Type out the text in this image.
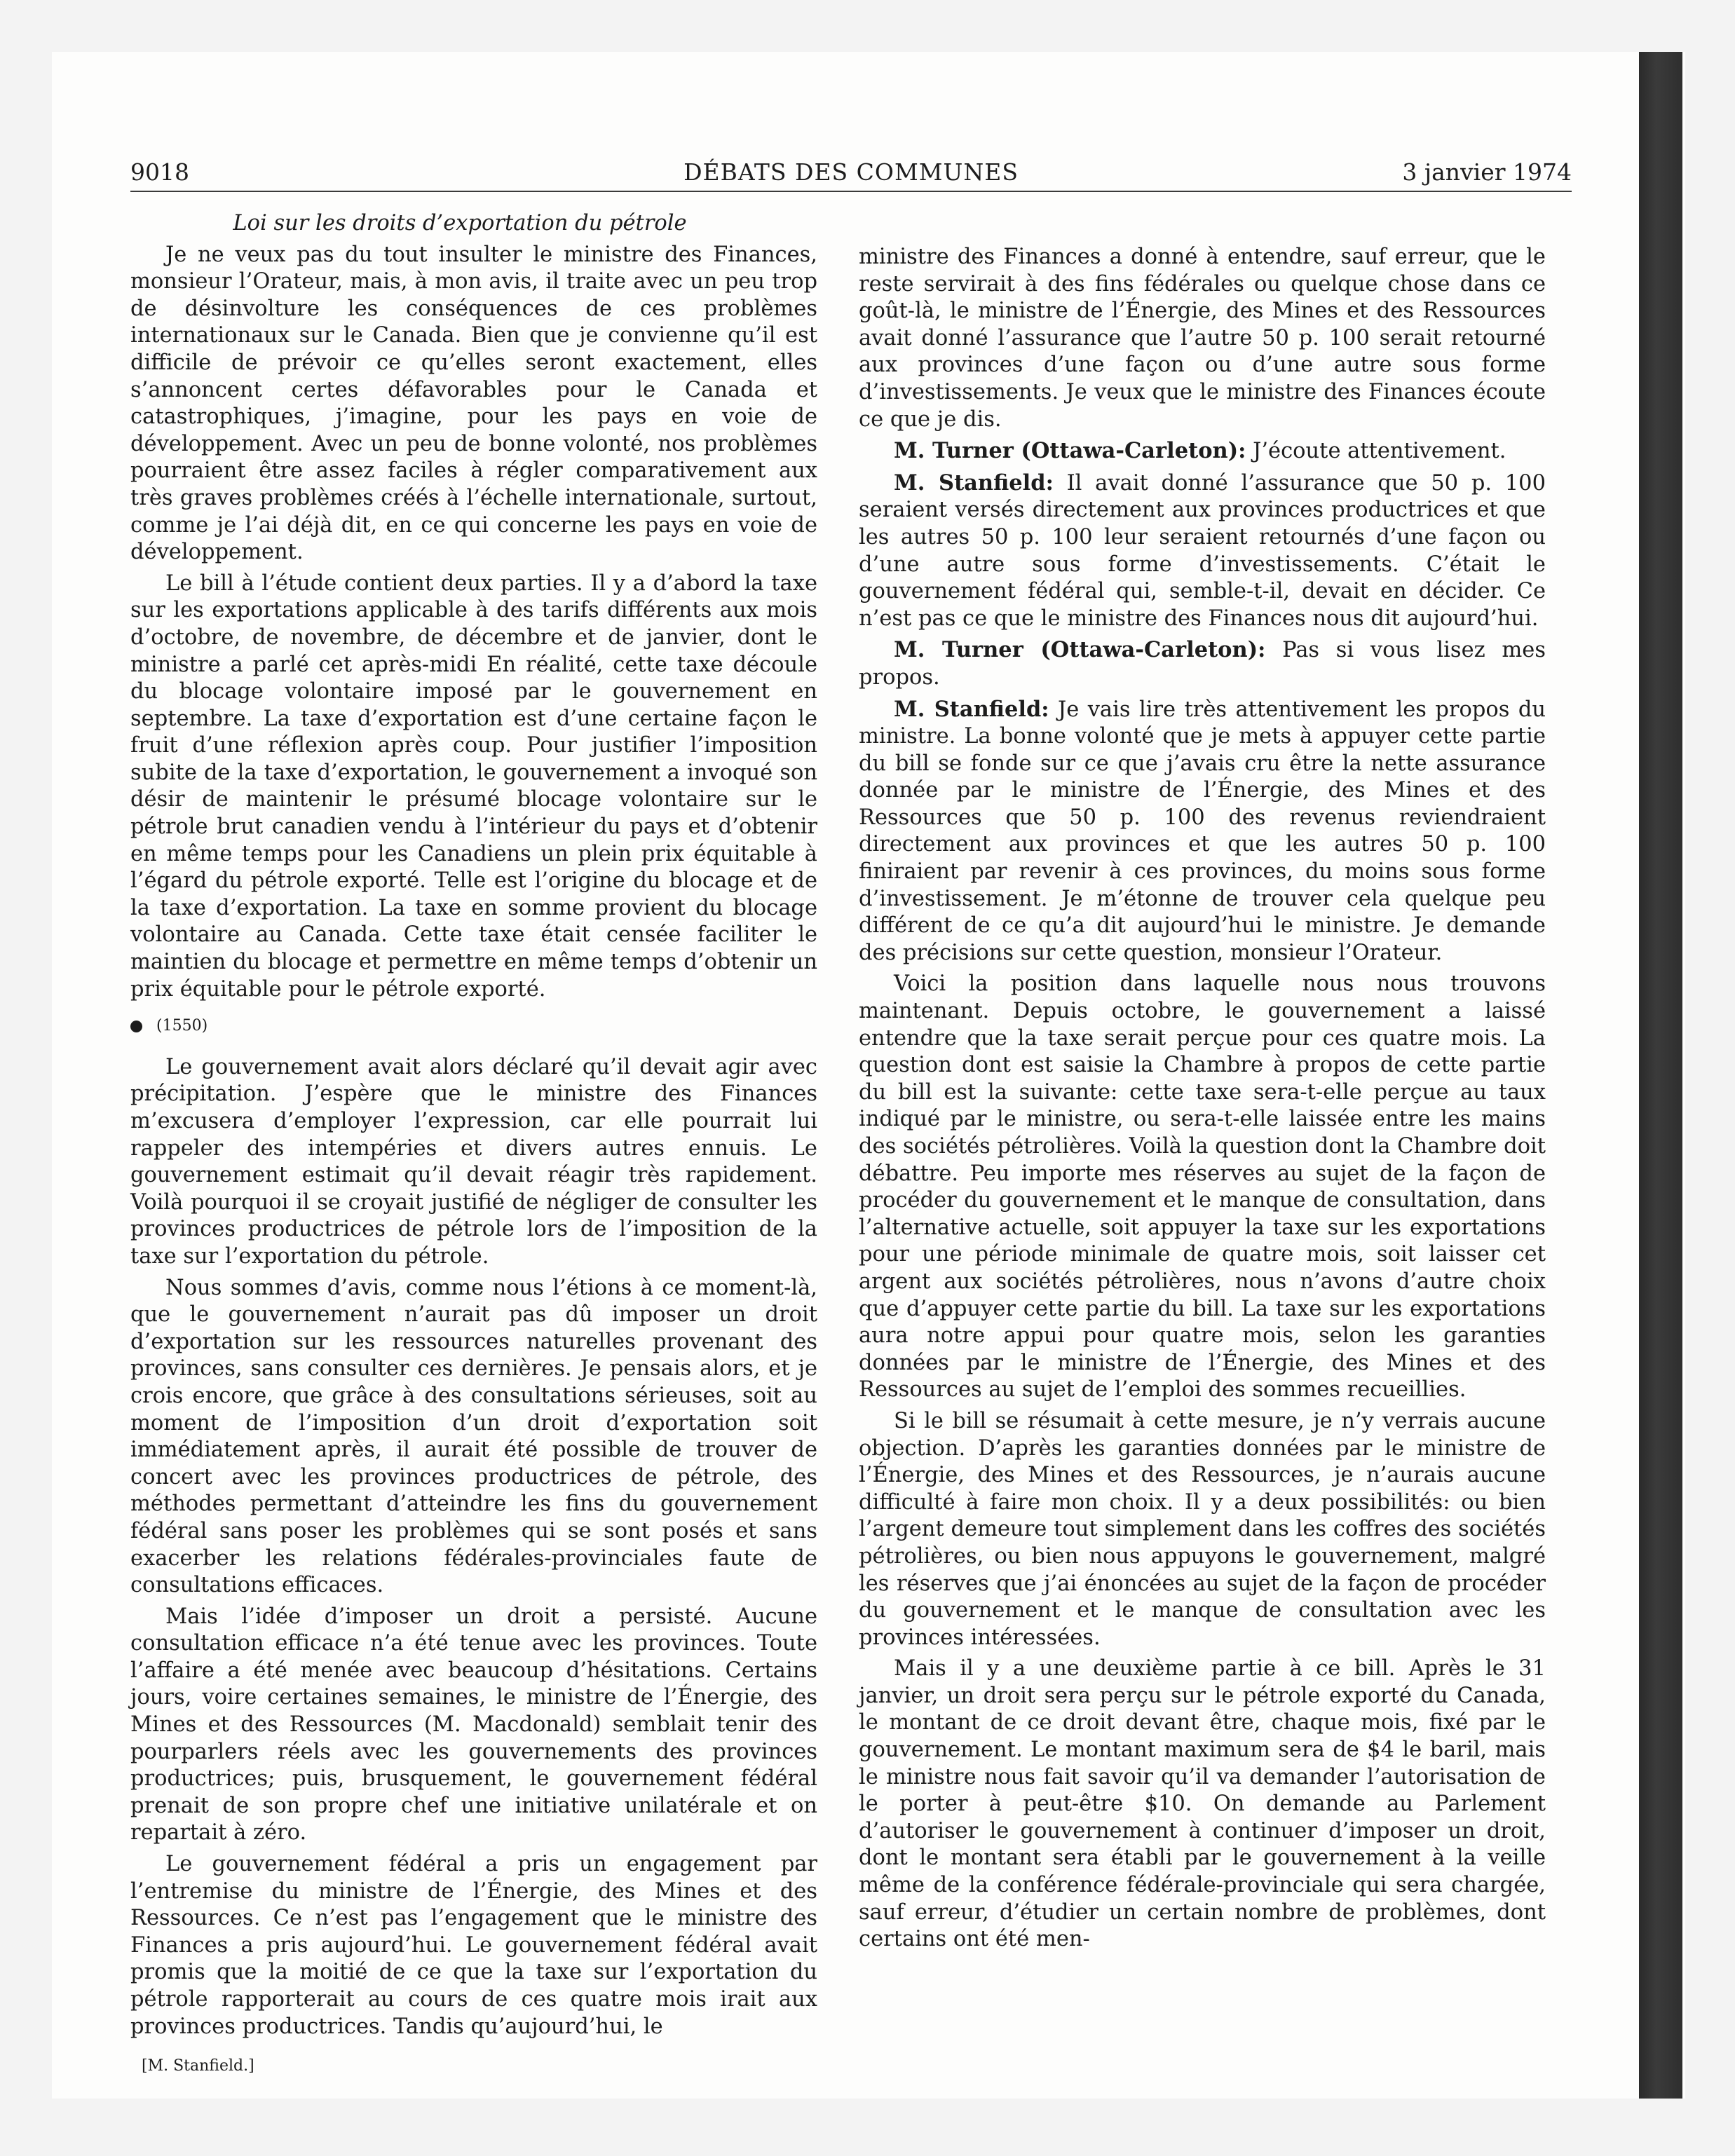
9018	DÉBATS DES COMMUNES	3 janvier 1974
Loi sur les droits d’exportation du pétrole

Je ne veux pas du tout insulter le ministre des Finances, monsieur l’Orateur, mais, à mon avis, il traite avec un peu trop de désinvolture les conséquences de ces problèmes internationaux sur le Canada. Bien que je convienne qu’il est difficile de prévoir ce qu’elles seront exactement, elles s’annoncent certes défavorables pour le Canada et catastrophiques, j’imagine, pour les pays en voie de développement. Avec un peu de bonne volonté, nos problèmes pourraient être assez faciles à régler comparativement aux très graves problèmes créés à l’échelle internationale, surtout, comme je l’ai déjà dit, en ce qui concerne les pays en voie de développement.

Le bill à l’étude contient deux parties. Il y a d’abord la taxe sur les exportations applicable à des tarifs différents aux mois d’octobre, de novembre, de décembre et de janvier, dont le ministre a parlé cet après-midi En réalité, cette taxe découle du blocage volontaire imposé par le gouvernement en septembre. La taxe d’exportation est d’une certaine façon le fruit d’une réflexion après coup. Pour justifier l’imposition subite de la taxe d’exportation, le gouvernement a invoqué son désir de maintenir le présumé blocage volontaire sur le pétrole brut canadien vendu à l’intérieur du pays et d’obtenir en même temps pour les Canadiens un plein prix équitable à l’égard du pétrole exporté. Telle est l’origine du blocage et de la taxe d’exportation. La taxe en somme provient du blocage volontaire au Canada. Cette taxe était censée faciliter le maintien du blocage et permettre en même temps d’obtenir un prix équitable pour le pétrole exporté.

(1550)

Le gouvernement avait alors déclaré qu’il devait agir avec précipitation. J’espère que le ministre des Finances m’excusera d’employer l’expression, car elle pourrait lui rappeler des intempéries et divers autres ennuis. Le gouvernement estimait qu’il devait réagir très rapidement. Voilà pourquoi il se croyait justifié de négliger de consulter les provinces productrices de pétrole lors de l’imposition de la taxe sur l’exportation du pétrole.

Nous sommes d’avis, comme nous l’étions à ce moment-là, que le gouvernement n’aurait pas dû imposer un droit d’exportation sur les ressources naturelles provenant des provinces, sans consulter ces dernières. Je pensais alors, et je crois encore, que grâce à des consultations sérieuses, soit au moment de l’imposition d’un droit d’exportation soit immédiatement après, il aurait été possible de trouver de concert avec les provinces productrices de pétrole, des méthodes permettant d’atteindre les fins du gouvernement fédéral sans poser les problèmes qui se sont posés et sans exacerber les relations fédérales-provinciales faute de consultations efficaces.

Mais l’idée d’imposer un droit a persisté. Aucune consultation efficace n’a été tenue avec les provinces. Toute l’affaire a été menée avec beaucoup d’hésitations. Certains jours, voire certaines semaines, le ministre de l’Énergie, des Mines et des Ressources (M. Macdonald) semblait tenir des pourparlers réels avec les gouvernements des provinces productrices; puis, brusquement, le gouvernement fédéral prenait de son propre chef une initiative unilatérale et on repartait à zéro.

Le gouvernement fédéral a pris un engagement par l’entremise du ministre de l’Énergie, des Mines et des Ressources. Ce n’est pas l’engagement que le ministre des Finances a pris aujourd’hui. Le gouvernement fédéral avait promis que la moitié de ce que la taxe sur l’exportation du pétrole rapporterait au cours de ces quatre mois irait aux provinces productrices. Tandis qu’aujourd’hui, le

[M. Stanfield.]

ministre des Finances a donné à entendre, sauf erreur, que le reste servirait à des fins fédérales ou quelque chose dans ce goût-là, le ministre de l’Énergie, des Mines et des Ressources avait donné l’assurance que l’autre 50 p. 100 serait retourné aux provinces d’une façon ou d’une autre sous forme d’investissements. Je veux que le ministre des Finances écoute ce que je dis.

M. Turner (Ottawa-Carleton): J’écoute attentivement.

M. Stanfield: Il avait donné l’assurance que 50 p. 100 seraient versés directement aux provinces productrices et que les autres 50 p. 100 leur seraient retournés d’une façon ou d’une autre sous forme d’investissements. C’était le gouvernement fédéral qui, semble-t-il, devait en décider. Ce n’est pas ce que le ministre des Finances nous dit aujourd’hui.

M. Turner (Ottawa-Carleton): Pas si vous lisez mes propos.

M. Stanfield: Je vais lire très attentivement les propos du ministre. La bonne volonté que je mets à appuyer cette partie du bill se fonde sur ce que j’avais cru être la nette assurance donnée par le ministre de l’Énergie, des Mines et des Ressources que 50 p. 100 des revenus reviendraient directement aux provinces et que les autres 50 p. 100 finiraient par revenir à ces provinces, du moins sous forme d’investissement. Je m’étonne de trouver cela quelque peu différent de ce qu’a dit aujourd’hui le ministre. Je demande des précisions sur cette question, monsieur l’Orateur.

Voici la position dans laquelle nous nous trouvons maintenant. Depuis octobre, le gouvernement a laissé entendre que la taxe serait perçue pour ces quatre mois. La question dont est saisie la Chambre à propos de cette partie du bill est la suivante: cette taxe sera-t-elle perçue au taux indiqué par le ministre, ou sera-t-elle laissée entre les mains des sociétés pétrolières. Voilà la question dont la Chambre doit débattre. Peu importe mes réserves au sujet de la façon de procéder du gouvernement et le manque de consultation, dans l’alternative actuelle, soit appuyer la taxe sur les exportations pour une période minimale de quatre mois, soit laisser cet argent aux sociétés pétrolières, nous n’avons d’autre choix que d’appuyer cette partie du bill. La taxe sur les exportations aura notre appui pour quatre mois, selon les garanties données par le ministre de l’Énergie, des Mines et des Ressources au sujet de l’emploi des sommes recueillies.

Si le bill se résumait à cette mesure, je n’y verrais aucune objection. D’après les garanties données par le ministre de l’Énergie, des Mines et des Ressources, je n’aurais aucune difficulté à faire mon choix. Il y a deux possibilités: ou bien l’argent demeure tout simplement dans les coffres des sociétés pétrolières, ou bien nous appuyons le gouvernement, malgré les réserves que j’ai énoncées au sujet de la façon de procéder du gouvernement et le manque de consultation avec les provinces intéressées.

Mais il y a une deuxième partie à ce bill. Après le 31 janvier, un droit sera perçu sur le pétrole exporté du Canada, le montant de ce droit devant être, chaque mois, fixé par le gouvernement. Le montant maximum sera de $4 le baril, mais le ministre nous fait savoir qu’il va demander l’autorisation de le porter à peut-être $10. On demande au Parlement d’autoriser le gouvernement à continuer d’imposer un droit, dont le montant sera établi par le gouvernement à la veille même de la conférence fédérale-provinciale qui sera chargée, sauf erreur, d’étudier un certain nombre de problèmes, dont certains ont été men-
